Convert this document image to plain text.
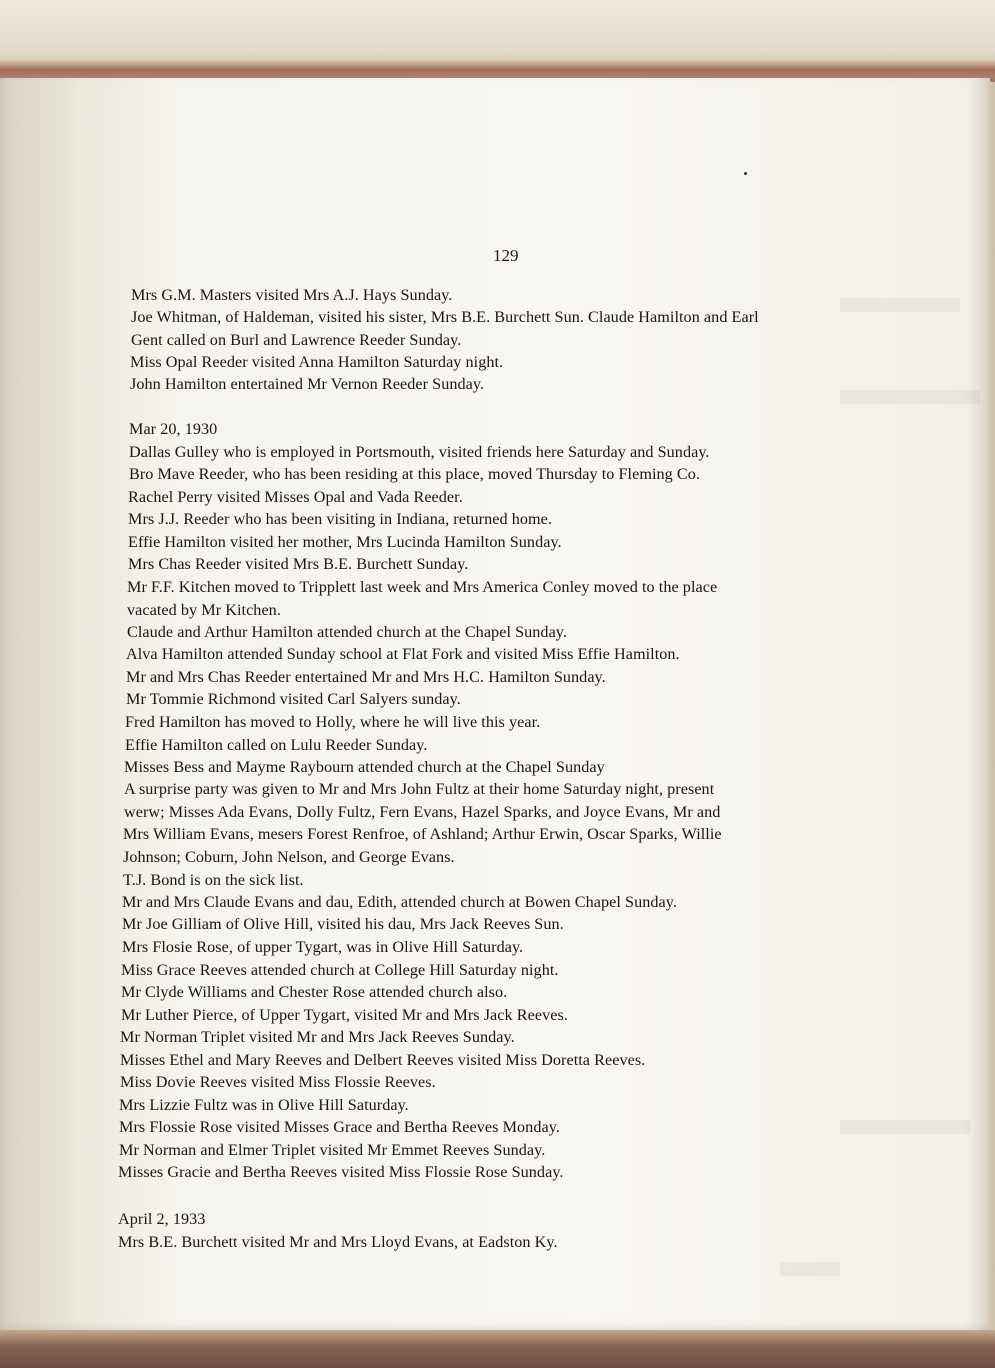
129
Mrs G.M. Masters visited Mrs A.J. Hays Sunday.
Joe Whitman, of Haldeman, visited his sister, Mrs B.E. Burchett Sun. Claude Hamilton and Earl
Gent called on Burl and Lawrence Reeder Sunday.
Miss Opal Reeder visited Anna Hamilton Saturday night.
John Hamilton entertained Mr Vernon Reeder Sunday.
Mar 20, 1930
Dallas Gulley who is employed in Portsmouth, visited friends here Saturday and Sunday.
Bro Mave Reeder, who has been residing at this place, moved Thursday to Fleming Co.
Rachel Perry visited Misses Opal and Vada Reeder.
Mrs J.J. Reeder who has been visiting in Indiana, returned home.
Effie Hamilton visited her mother, Mrs Lucinda Hamilton Sunday.
Mrs Chas Reeder visited Mrs B.E. Burchett Sunday.
Mr F.F. Kitchen moved to Tripplett last week and Mrs America Conley moved to the place
vacated by Mr Kitchen.
Claude and Arthur Hamilton attended church at the Chapel Sunday.
Alva Hamilton attended Sunday school at Flat Fork and visited Miss Effie Hamilton.
Mr and Mrs Chas Reeder entertained Mr and Mrs H.C. Hamilton Sunday.
Mr Tommie Richmond visited Carl Salyers sunday.
Fred Hamilton has moved to Holly, where he will live this year.
Effie Hamilton called on Lulu Reeder Sunday.
Misses Bess and Mayme Raybourn attended church at the Chapel Sunday
A surprise party was given to Mr and Mrs John Fultz at their home Saturday night, present
werw; Misses Ada Evans, Dolly Fultz, Fern Evans, Hazel Sparks, and Joyce Evans, Mr and
Mrs William Evans, mesers Forest Renfroe, of Ashland; Arthur Erwin, Oscar Sparks, Willie
Johnson; Coburn, John Nelson, and George Evans.
T.J. Bond is on the sick list.
Mr and Mrs Claude Evans and dau, Edith, attended church at Bowen Chapel Sunday.
Mr Joe Gilliam of Olive Hill, visited his dau, Mrs Jack Reeves Sun.
Mrs Flosie Rose, of upper Tygart, was in Olive Hill Saturday.
Miss Grace Reeves attended church at College Hill Saturday night.
Mr Clyde Williams and Chester Rose attended church also.
Mr Luther Pierce, of Upper Tygart, visited Mr and Mrs Jack Reeves.
Mr Norman Triplet visited Mr and Mrs Jack Reeves Sunday.
Misses Ethel and Mary Reeves and Delbert Reeves visited Miss Doretta Reeves.
Miss Dovie Reeves visited Miss Flossie Reeves.
Mrs Lizzie Fultz was in Olive Hill Saturday.
Mrs Flossie Rose visited Misses Grace and Bertha Reeves Monday.
Mr Norman and Elmer Triplet visited Mr Emmet Reeves Sunday.
Misses Gracie and Bertha Reeves visited Miss Flossie Rose Sunday.
April 2, 1933
Mrs B.E. Burchett visited Mr and Mrs Lloyd Evans, at Eadston Ky.
